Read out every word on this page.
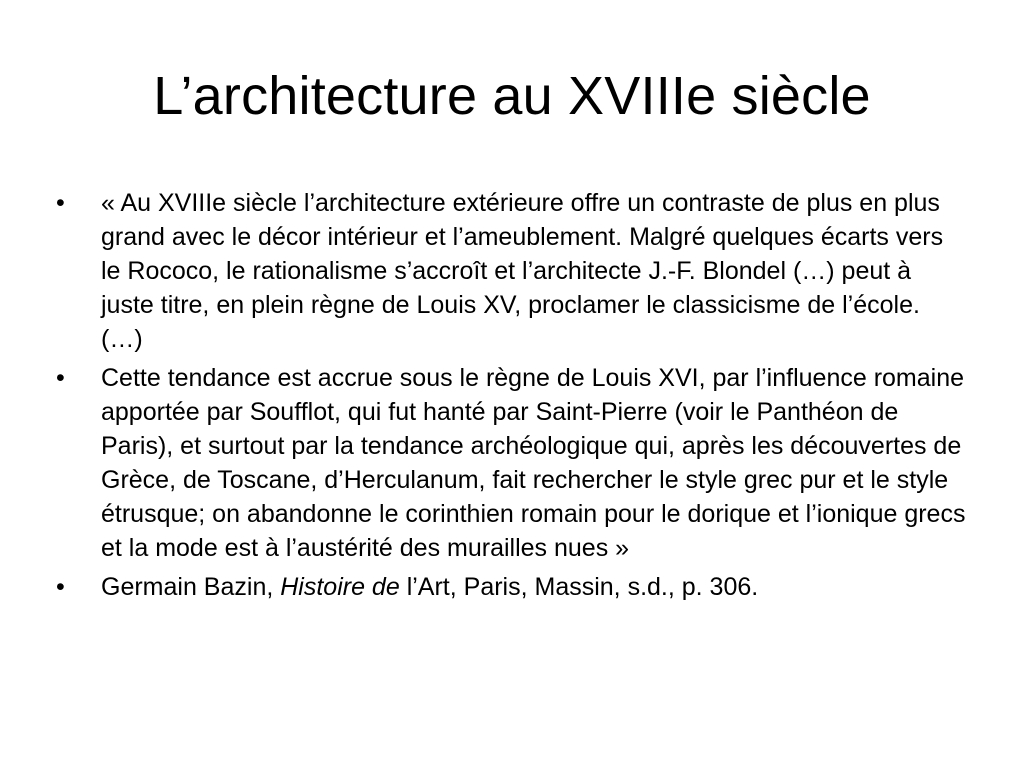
L’architecture au XVIIIe siècle
•	« Au XVIIIe siècle l’architecture extérieure offre un contraste de plus en plus grand avec le décor intérieur et l’ameublement. Malgré quelques écarts vers le Rococo, le rationalisme s’accroît et l’architecte J.-F. Blondel (…) peut à juste titre, en plein règne de Louis XV, proclamer le classicisme de l’école. (…)
•	Cette tendance est accrue sous le règne de Louis XVI, par l’influence romaine apportée par Soufflot, qui fut hanté par Saint-Pierre (voir le Panthéon de Paris), et surtout par la tendance archéologique qui, après les découvertes de Grèce, de Toscane, d’Herculanum, fait rechercher le style grec pur et le style étrusque; on abandonne le corinthien romain pour le dorique et l’ionique grecs et la mode est à l’austérité des murailles nues »
•	Germain Bazin, Histoire de l’Art, Paris, Massin, s.d., p. 306.
